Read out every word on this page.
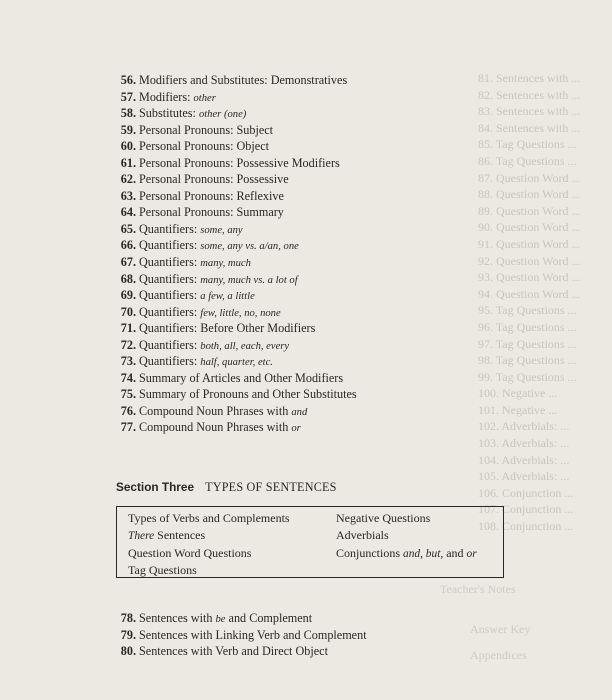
81. Sentences with ...
82. Sentences with ...
83. Sentences with ...
84. Sentences with ...
85. Tag Questions ...
86. Tag Questions ...
87. Question Word ...
88. Question Word ...
89. Question Word ...
90. Question Word ...
91. Question Word ...
92. Question Word ...
93. Question Word ...
94. Question Word ...
95. Tag Questions ...
96. Tag Questions ...
97. Tag Questions ...
98. Tag Questions ...
99. Tag Questions ...
100. Negative ...
101. Negative ...
102. Adverbials: ...
103. Adverbials: ...
104. Adverbials: ...
105. Adverbials: ...
106. Conjunction ...
107. Conjunction ...
108. Conjunction ...
56. Modifiers and Substitutes: Demonstratives
57. Modifiers: other
58. Substitutes: other (one)
59. Personal Pronouns: Subject
60. Personal Pronouns: Object
61. Personal Pronouns: Possessive Modifiers
62. Personal Pronouns: Possessive
63. Personal Pronouns: Reflexive
64. Personal Pronouns: Summary
65. Quantifiers: some, any
66. Quantifiers: some, any vs. a/an, one
67. Quantifiers: many, much
68. Quantifiers: many, much vs. a lot of
69. Quantifiers: a few, a little
70. Quantifiers: few, little, no, none
71. Quantifiers: Before Other Modifiers
72. Quantifiers: both, all, each, every
73. Quantifiers: half, quarter, etc.
74. Summary of Articles and Other Modifiers
75. Summary of Pronouns and Other Substitutes
76. Compound Noun Phrases with and
77. Compound Noun Phrases with or
Section Three TYPES OF SENTENCES
Types of Verbs and Complements
There Sentences
Question Word Questions
Tag Questions
Negative Questions
Adverbials
Conjunctions and, but, and or
78. Sentences with be and Complement
79. Sentences with Linking Verb and Complement
80. Sentences with Verb and Direct Object
Teacher's Notes
Answer Key
Appendices
